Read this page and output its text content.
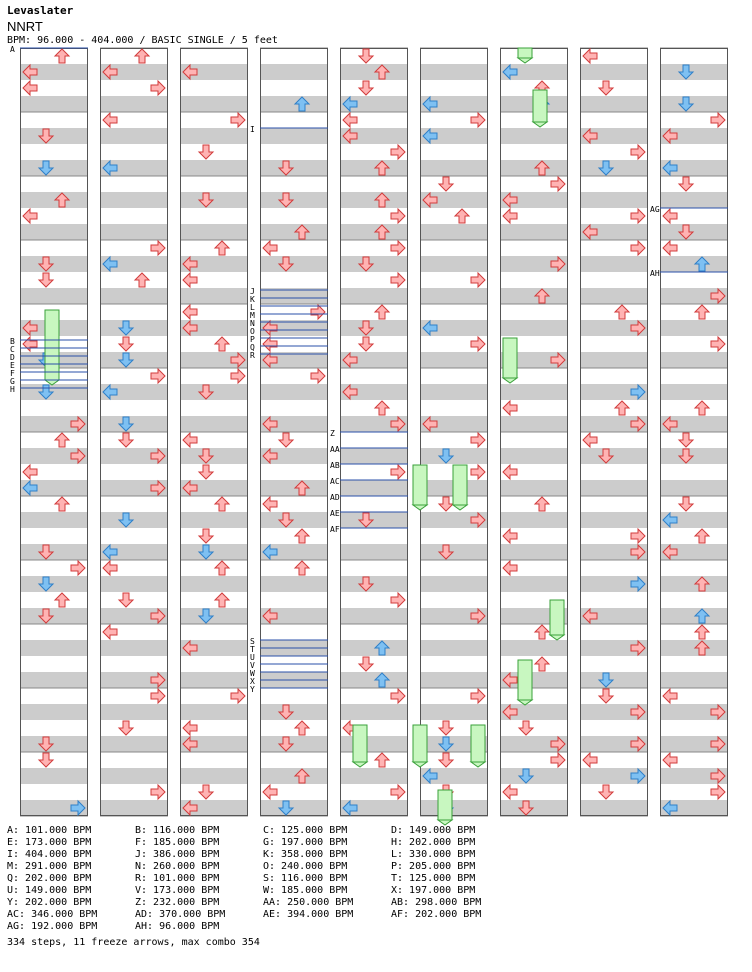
Levaslater
NNRT
BPM: 96.000 - 404.000 / BASIC SINGLE / 5 feet
A
B
C
D
E
F
G
H
I
J
K
L
M
N
O
P
Q
R
S
T
U
V
W
X
Y
Z
AA
AB
AC
AD
AE
AF
AG
AH
A: 101.000 BPM	B: 116.000 BPM	C: 125.000 BPM	D: 149.000 BPM
E: 173.000 BPM	F: 185.000 BPM	G: 197.000 BPM	H: 202.000 BPM
I: 404.000 BPM	J: 386.000 BPM	K: 358.000 BPM	L: 330.000 BPM
M: 291.000 BPM	N: 260.000 BPM	O: 240.000 BPM	P: 205.000 BPM
Q: 202.000 BPM	R: 101.000 BPM	S: 116.000 BPM	T: 125.000 BPM
U: 149.000 BPM	V: 173.000 BPM	W: 185.000 BPM	X: 197.000 BPM
Y: 202.000 BPM	Z: 232.000 BPM	AA: 250.000 BPM	AB: 298.000 BPM
AC: 346.000 BPM	AD: 370.000 BPM	AE: 394.000 BPM	AF: 202.000 BPM
AG: 192.000 BPM	AH: 96.000 BPM
334 steps, 11 freeze arrows, max combo 354
